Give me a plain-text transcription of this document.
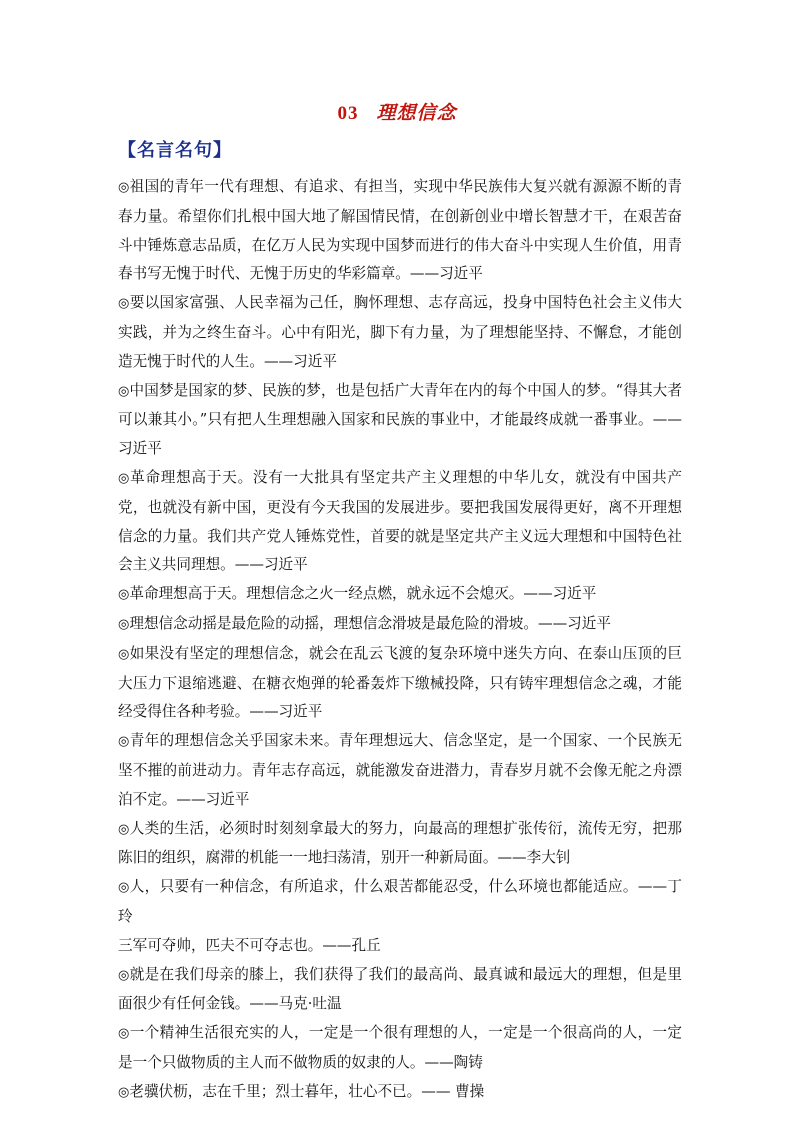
03 理想信念
【名言名句】

◎祖国的青年一代有理想、有追求、有担当，实现中华民族伟大复兴就有源源不断的青春力量。希望你们扎根中国大地了解国情民情，在创新创业中增长智慧才干，在艰苦奋斗中锤炼意志品质，在亿万人民为实现中国梦而进行的伟大奋斗中实现人生价值，用青春书写无愧于时代、无愧于历史的华彩篇章。——习近平

◎要以国家富强、人民幸福为己任，胸怀理想、志存高远，投身中国特色社会主义伟大实践，并为之终生奋斗。心中有阳光，脚下有力量，为了理想能坚持、不懈怠，才能创造无愧于时代的人生。——习近平

◎中国梦是国家的梦、民族的梦，也是包括广大青年在内的每个中国人的梦。“得其大者可以兼其小。”只有把人生理想融入国家和民族的事业中，才能最终成就一番事业。——习近平

◎革命理想高于天。没有一大批具有坚定共产主义理想的中华儿女，就没有中国共产党，也就没有新中国，更没有今天我国的发展进步。要把我国发展得更好，离不开理想信念的力量。我们共产党人锤炼党性，首要的就是坚定共产主义远大理想和中国特色社会主义共同理想。——习近平

◎革命理想高于天。理想信念之火一经点燃，就永远不会熄灭。——习近平

◎理想信念动摇是最危险的动摇，理想信念滑坡是最危险的滑坡。——习近平

◎如果没有坚定的理想信念，就会在乱云飞渡的复杂环境中迷失方向、在泰山压顶的巨大压力下退缩逃避、在糖衣炮弹的轮番轰炸下缴械投降，只有铸牢理想信念之魂，才能经受得住各种考验。——习近平

◎青年的理想信念关乎国家未来。青年理想远大、信念坚定，是一个国家、一个民族无坚不摧的前进动力。青年志存高远，就能激发奋进潜力，青春岁月就不会像无舵之舟漂泊不定。——习近平

◎人类的生活，必须时时刻刻拿最大的努力，向最高的理想扩张传衍，流传无穷，把那陈旧的组织，腐滞的机能一一地扫荡清，别开一种新局面。——李大钊

◎人，只要有一种信念，有所追求，什么艰苦都能忍受，什么环境也都能适应。——丁玲

三军可夺帅，匹夫不可夺志也。——孔丘

◎就是在我们母亲的膝上，我们获得了我们的最高尚、最真诚和最远大的理想，但是里面很少有任何金钱。——马克·吐温

◎一个精神生活很充实的人，一定是一个很有理想的人，一定是一个很高尚的人，一定是一个只做物质的主人而不做物质的奴隶的人。——陶铸

◎老骥伏枥，志在千里；烈士暮年，壮心不已。—— 曹操
